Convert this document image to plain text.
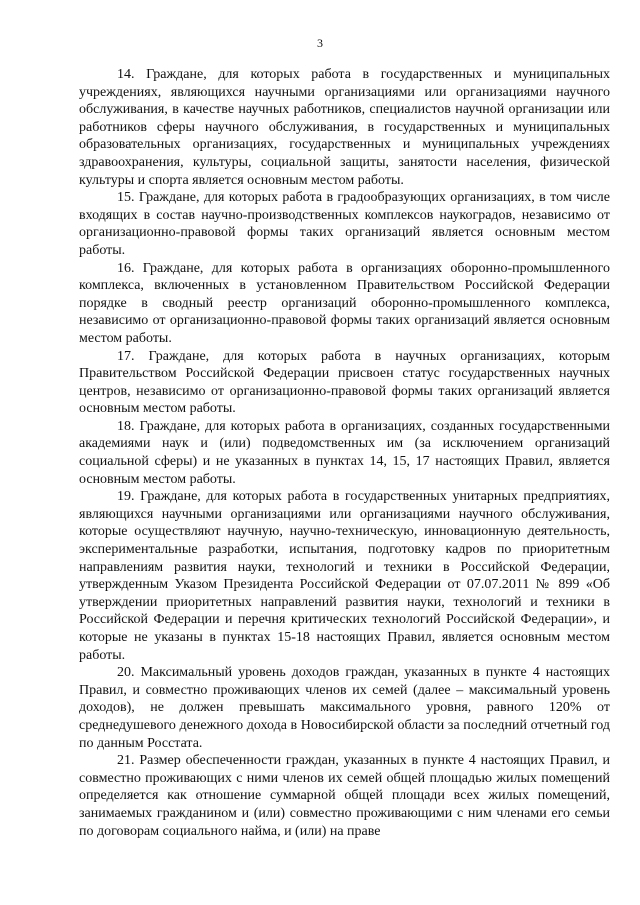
3

14. Граждане, для которых работа в государственных и муниципальных учреждениях, являющихся научными организациями или организациями научного обслуживания, в качестве научных работников, специалистов научной организации или работников сферы научного обслуживания, в государственных и муниципальных образовательных организациях, государственных и муниципальных учреждениях здравоохранения, культуры, социальной защиты, занятости населения, физической культуры и спорта является основным местом работы.

15. Граждане, для которых работа в градообразующих организациях, в том числе входящих в состав научно-производственных комплексов наукоградов, независимо от организационно-правовой формы таких организаций является основным местом работы.

16. Граждане, для которых работа в организациях оборонно-промышленного комплекса, включенных в установленном Правительством Российской Федерации порядке в сводный реестр организаций оборонно-промышленного комплекса, независимо от организационно-правовой формы таких организаций является основным местом работы.

17. Граждане, для которых работа в научных организациях, которым Правительством Российской Федерации присвоен статус государственных научных центров, независимо от организационно-правовой формы таких организаций является основным местом работы.

18. Граждане, для которых работа в организациях, созданных государственными академиями наук и (или) подведомственных им (за исключением организаций социальной сферы) и не указанных в пунктах 14, 15, 17 настоящих Правил, является основным местом работы.

19. Граждане, для которых работа в государственных унитарных предприятиях, являющихся научными организациями или организациями научного обслуживания, которые осуществляют научную, научно-техническую, инновационную деятельность, экспериментальные разработки, испытания, подготовку кадров по приоритетным направлениям развития науки, технологий и техники в Российской Федерации, утвержденным Указом Президента Российской Федерации от 07.07.2011 № 899 «Об утверждении приоритетных направлений развития науки, технологий и техники в Российской Федерации и перечня критических технологий Российской Федерации», и которые не указаны в пунктах 15-18 настоящих Правил, является основным местом работы.

20. Максимальный уровень доходов граждан, указанных в пункте 4 настоящих Правил, и совместно проживающих членов их семей (далее – максимальный уровень доходов), не должен превышать максимального уровня, равного 120% от среднедушевого денежного дохода в Новосибирской области за последний отчетный год по данным Росстата.

21. Размер обеспеченности граждан, указанных в пункте 4 настоящих Правил, и совместно проживающих с ними членов их семей общей площадью жилых помещений определяется как отношение суммарной общей площади всех жилых помещений, занимаемых гражданином и (или) совместно проживающими с ним членами его семьи по договорам социального найма, и (или) на праве
